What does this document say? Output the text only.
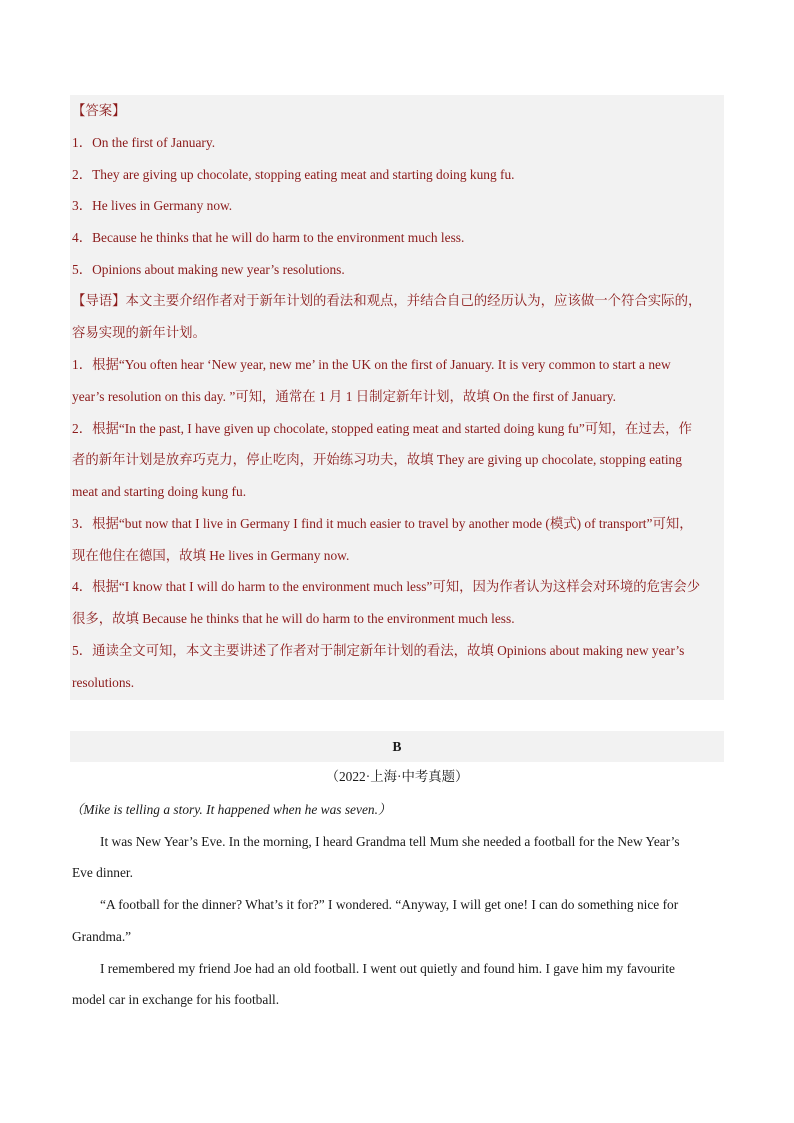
【答案】
1．On the first of January.
2．They are giving up chocolate, stopping eating meat and starting doing kung fu.
3．He lives in Germany now.
4．Because he thinks that he will do harm to the environment much less.
5．Opinions about making new year’s resolutions.
【导语】本文主要介绍作者对于新年计划的看法和观点，并结合自己的经历认为，应该做一个符合实际的，
容易实现的新年计划。
1．根据“You often hear ‘New year, new me’ in the UK on the first of January. It is very common to start a new
year’s resolution on this day. ”可知，通常在 1 月 1 日制定新年计划，故填 On the first of January.
2．根据“In the past, I have given up chocolate, stopped eating meat and started doing kung fu”可知，在过去，作
者的新年计划是放弃巧克力，停止吃肉，开始练习功夫，故填 They are giving up chocolate, stopping eating
meat and starting doing kung fu.
3．根据“but now that I live in Germany I find it much easier to travel by another mode (模式) of transport”可知，
现在他住在德国，故填 He lives in Germany now.
4．根据“I know that I will do harm to the environment much less”可知，因为作者认为这样会对环境的危害会少
很多，故填 Because he thinks that he will do harm to the environment much less.
5．通读全文可知，本文主要讲述了作者对于制定新年计划的看法，故填 Opinions about making new year’s
resolutions.
B
（2022·上海·中考真题）
（Mike is telling a story. It happened when he was seven.）
It was New Year’s Eve. In the morning, I heard Grandma tell Mum she needed a football for the New Year’s
Eve dinner.
“A football for the dinner? What’s it for?” I wondered. “Anyway, I will get one! I can do something nice for
Grandma.”
I remembered my friend Joe had an old football. I went out quietly and found him. I gave him my favourite
model car in exchange for his football.
